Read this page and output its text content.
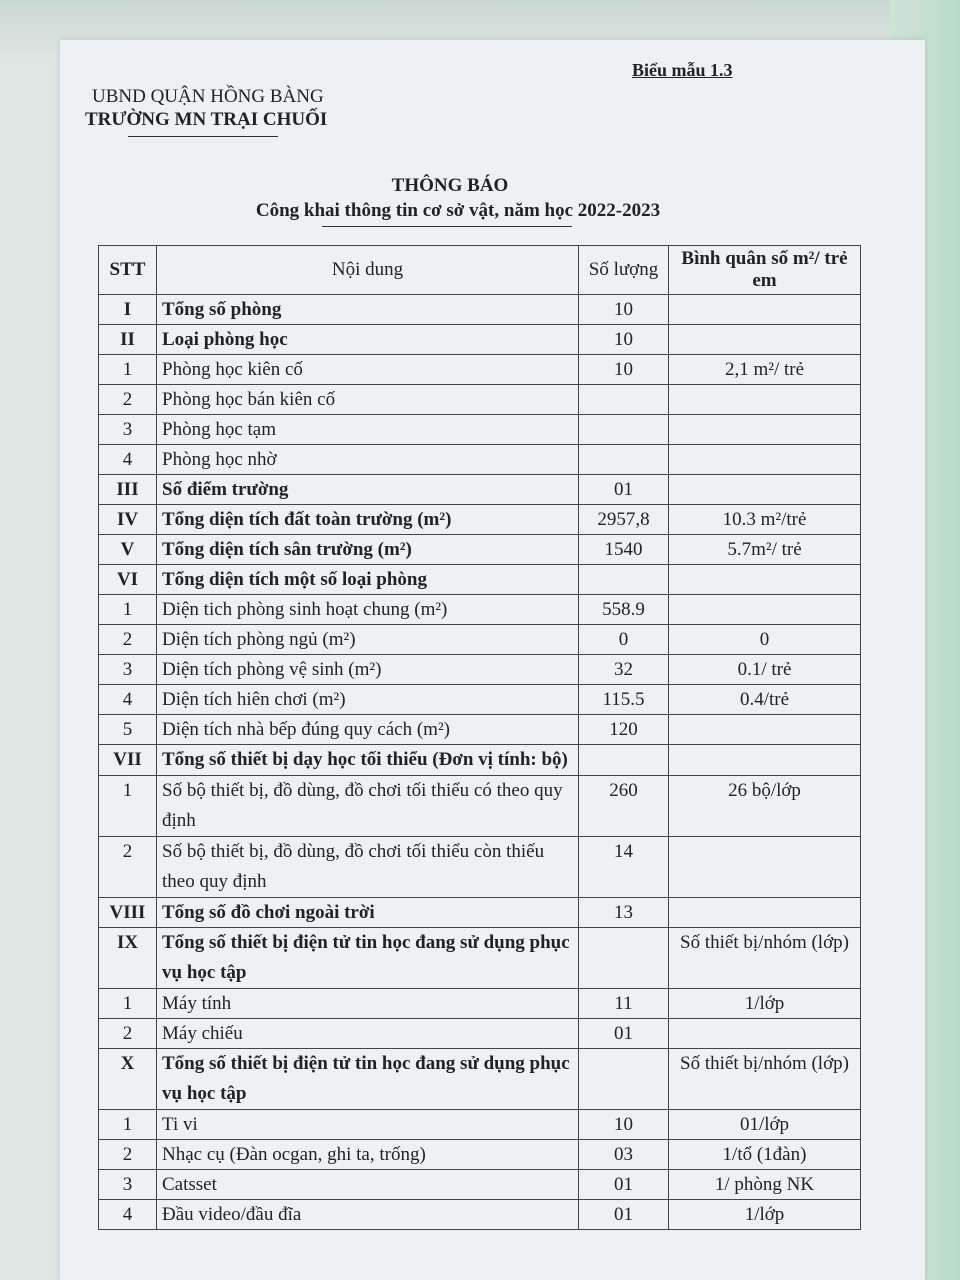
Biểu mẫu 1.3
UBND QUẬN HỒNG BÀNG
TRƯỜNG MN TRẠI CHUỐI
THÔNG BÁO
Công khai thông tin cơ sở vật, năm học 2022-2023
STT	Nội dung	Số lượng	Bình quân số m²/ trẻ em
I	Tổng số phòng	10	
II	Loại phòng học	10	
1	Phòng học kiên cố	10	2,1 m²/ trẻ
2	Phòng học bán kiên cố		
3	Phòng học tạm		
4	Phòng học nhờ		
III	Số điểm trường	01	
IV	Tổng diện tích đất toàn trường (m²)	2957,8	10.3 m²/trẻ
V	Tổng diện tích sân trường (m²)	1540	5.7m²/ trẻ
VI	Tổng diện tích một số loại phòng		
1	Diện tich phòng sinh hoạt chung (m²)	558.9	
2	Diện tích phòng ngủ (m²)	0	0
3	Diện tích phòng vệ sinh (m²)	32	0.1/ trẻ
4	Diện tích hiên chơi (m²)	115.5	0.4/trẻ
5	Diện tích nhà bếp đúng quy cách (m²)	120	
VII	Tổng số thiết bị dạy học tối thiểu (Đơn vị tính: bộ)		
1	Số bộ thiết bị, đồ dùng, đồ chơi tối thiểu có theo quy định	260	26 bộ/lớp
2	Số bộ thiết bị, đồ dùng, đồ chơi tối thiểu còn thiếu theo quy định	14	
VIII	Tổng số đồ chơi ngoài trời	13	
IX	Tổng số thiết bị điện tử tin học đang sử dụng phục vụ học tập		Số thiết bị/nhóm (lớp)
1	Máy tính	11	1/lớp
2	Máy chiếu	01	
X	Tổng số thiết bị điện tử tin học đang sử dụng phục vụ học tập		Số thiết bị/nhóm (lớp)
1	Ti vi	10	01/lớp
2	Nhạc cụ (Đàn ocgan, ghi ta, trống)	03	1/tổ (1đàn)
3	Catsset	01	1/ phòng NK
4	Đầu video/đầu đĩa	01	1/lớp
